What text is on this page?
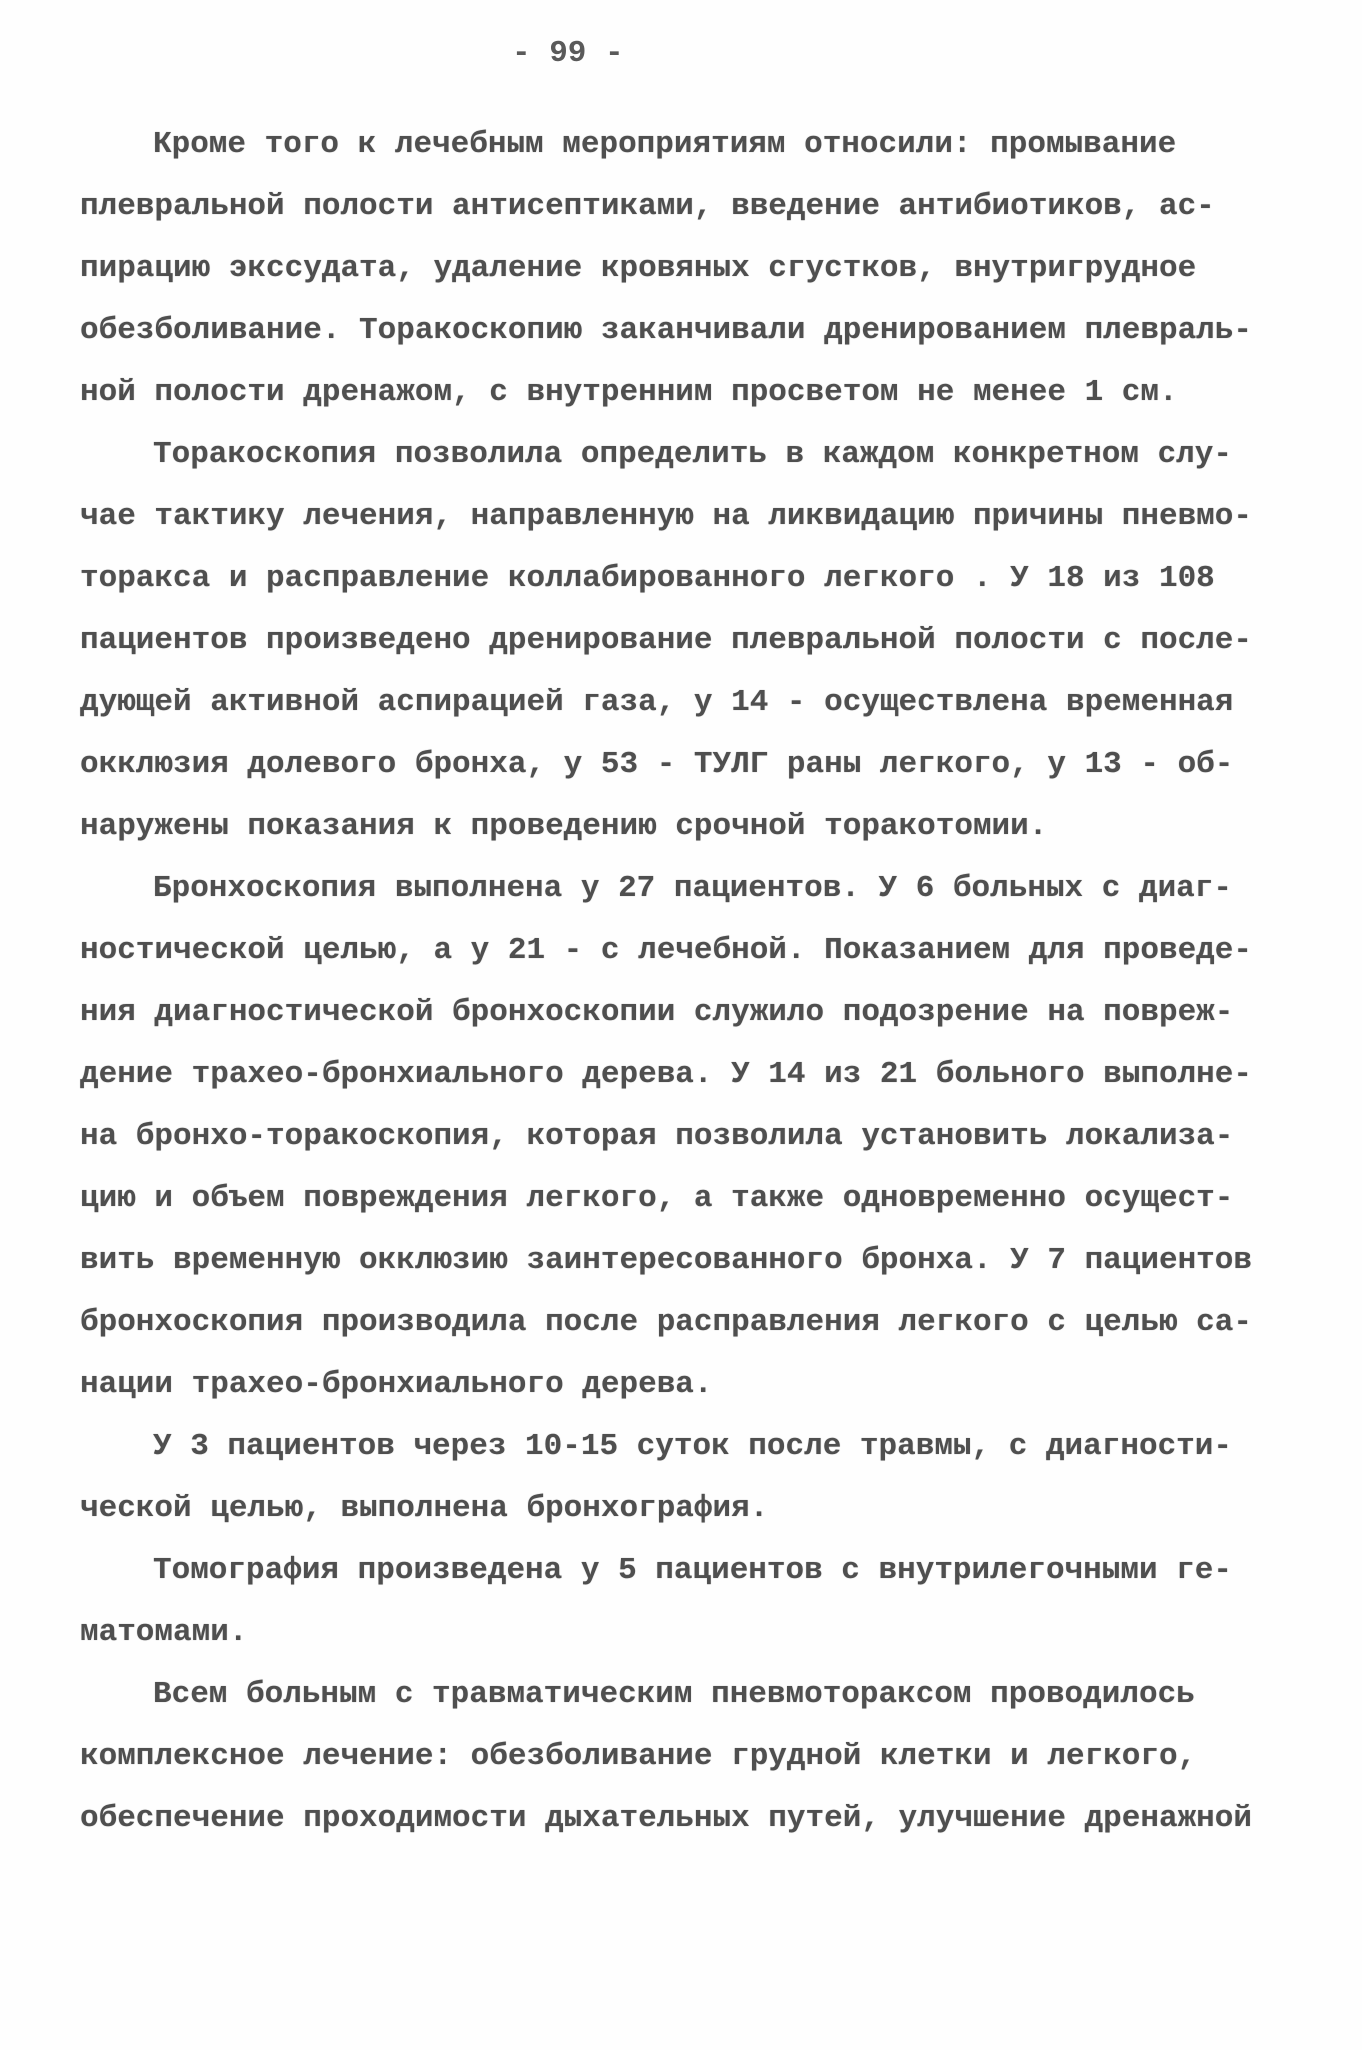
- 99 -
Кроме того к лечебным мероприятиям относили: промывание
плевральной полости антисептиками, введение антибиотиков, ас-
пирацию экссудата, удаление кровяных сгустков, внутригрудное
обезболивание. Торакоскопию заканчивали дренированием плевраль-
ной полости дренажом, с внутренним просветом не менее 1 см.
Торакоскопия позволила определить в каждом конкретном слу-
чае тактику лечения, направленную на ликвидацию причины пневмо-
торакса и расправление коллабированного легкого . У 18 из 108
пациентов произведено дренирование плевральной полости с после-
дующей активной аспирацией газа, у 14 - осуществлена временная
окклюзия долевого бронха, у 53 - ТУЛГ раны легкого, у 13 - об-
наружены показания к проведению срочной торакотомии.
Бронхоскопия выполнена у 27 пациентов. У 6 больных с диаг-
ностической целью, а у 21 - с лечебной. Показанием для проведе-
ния диагностической бронхоскопии служило подозрение на повреж-
дение трахео-бронхиального дерева. У 14 из 21 больного выполне-
на бронхо-торакоскопия, которая позволила установить локализа-
цию и объем повреждения легкого, а также одновременно осущест-
вить временную окклюзию заинтересованного бронха. У 7 пациентов
бронхоскопия производила после расправления легкого с целью са-
нации трахео-бронхиального дерева.
У 3 пациентов через 10-15 суток после травмы, с диагности-
ческой целью, выполнена бронхография.
Томография произведена у 5 пациентов с внутрилегочными ге-
матомами.
Всем больным с травматическим пневмотораксом проводилось
комплексное лечение: обезболивание грудной клетки и легкого,
обеспечение проходимости дыхательных путей, улучшение дренажной
